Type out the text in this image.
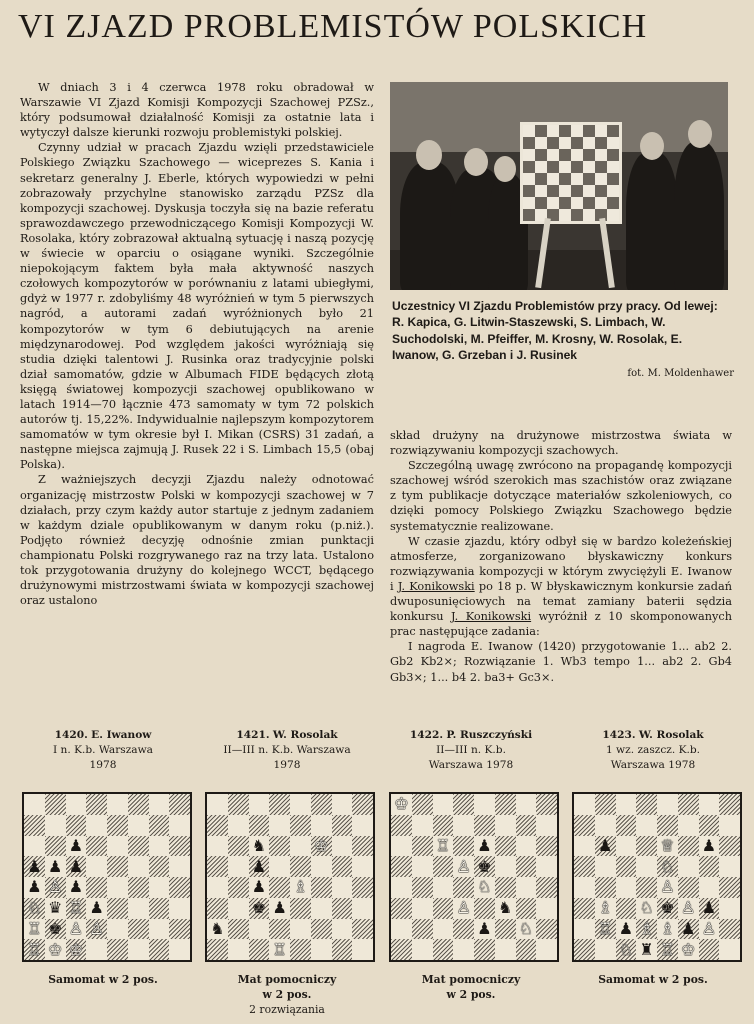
VI ZJAZD PROBLEMISTÓW POLSKICH

W dniach 3 i 4 czerwca 1978 roku obradował w Warszawie VI Zjazd Komisji Kompozycji Szachowej PZSz., który podsumował działalność Komisji za ostatnie lata i wytyczył dalsze kierunki rozwoju problemistyki polskiej.

Czynny udział w pracach Zjazdu wzięli przedstawiciele Polskiego Związku Szachowego — wiceprezes S. Kania i sekretarz generalny J. Eberle, których wypowiedzi w pełni zobrazowały przychylne stanowisko zarządu PZSz dla kompozycji szachowej. Dyskusja toczyła się na bazie referatu sprawozdawczego przewodniczącego Komisji Kompozycji W. Rosolaka, który zobrazował aktualną sytuację i naszą pozycję w świecie w oparciu o osiągane wyniki. Szczególnie niepokojącym faktem była mała aktywność naszych czołowych kompozytorów w porównaniu z latami ubiegłymi, gdyż w 1977 r. zdobyliśmy 48 wyróżnień w tym 5 pierwszych nagród, a autorami zadań wyróżnionych było 21 kompozytorów w tym 6 debiutujących na arenie międzynarodowej. Pod względem jakości wyróżniają się studia dzięki talentowi J. Rusinka oraz tradycyjnie polski dział samomatów, gdzie w Albumach FIDE będących złotą księgą światowej kompozycji szachowej opublikowano w latach 1914—70 łącznie 473 samomaty w tym 72 polskich autorów tj. 15,22%. Indywidualnie najlepszym kompozytorem samomatów w tym okresie był I. Mikan (CSRS) 31 zadań, a następne miejsca zajmują J. Rusek 22 i S. Limbach 15,5 (obaj Polska).

Z ważniejszych decyzji Zjazdu należy odnotować organizację mistrzostw Polski w kompozycji szachowej w 7 działach, przy czym każdy autor startuje z jednym zadaniem w każdym dziale opublikowanym w danym roku (p.niż.). Podjęto również decyzję odnośnie zmian punktacji championatu Polski rozgrywanego raz na trzy lata. Ustalono tok przygotowania drużyny do kolejnego WCCT, będącego drużynowymi mistrzostwami świata w kompozycji szachowej oraz ustalono

Uczestnicy VI Zjazdu Problemistów przy pracy. Od lewej: R. Kapica, G. Litwin-Staszewski, S. Limbach, W. Suchodolski, M. Pfeiffer, M. Krosny, W. Rosolak, E. Iwanow, G. Grzeban i J. Rusinek
fot. M. Moldenhawer

skład drużyny na drużynowe mistrzostwa świata w rozwiązywaniu kompozycji szachowych.

Szczególną uwagę zwrócono na propagandę kompozycji szachowej wśród szerokich mas szachistów oraz związane z tym publikacje dotyczące materiałów szkoleniowych, co dzięki pomocy Polskiego Związku Szachowego będzie systematycznie realizowane.

W czasie zjazdu, który odbył się w bardzo koleżeńskiej atmosferze, zorganizowano błyskawiczny konkurs rozwiązywania kompozycji w którym zwyciężyli E. Iwanow i J. Konikowski po 18 p. W błyskawicznym konkursie zadań dwuposunięciowych na temat zamiany baterii sędzia konkursu J. Konikowski wyróżnił z 10 skomponowanych prac następujące zadania:

I nagroda E. Iwanow (1420) przygotowanie 1... ab2 2. Gb2 Kb2×; Rozwiązanie 1. Wb3 tempo 1... ab2 2. Gb4 Gb3×; 1... b4 2. ba3+ Gc3×.

1420. E. Iwanow
I n. K.b. Warszawa
1978
1421. W. Rosolak
II—III n. K.b. Warszawa
1978
1422. P. Ruszczyński
II—III n. K.b.
Warszawa 1978
1423. W. Rosolak
1 wz. zaszcz. K.b.
Warszawa 1978
♟
♟ ♟ ♟
♟ ♙ ♟
♘ ♛ ♖ ♟
♖ ♚ ♙ ♙
♖ ♔ ♔
♞	♔
♟
♟ ♗
♚ ♟
♞
♖
♔
♖ ♟
♙ ♚
♘
♙ ♞
♟ ♘
♟	♕ ♟
♘
♙
♗ ♘ ♚ ♙ ♟
♖ ♟ ♗ ♗ ♟ ♙
♘ ♜ ♖ ♔
Samomat w 2 pos.	Mat pomocniczy
w 2 pos.
2 rozwiązania
Mat pomocniczy
w 2 pos.
Samomat w 2 pos.
